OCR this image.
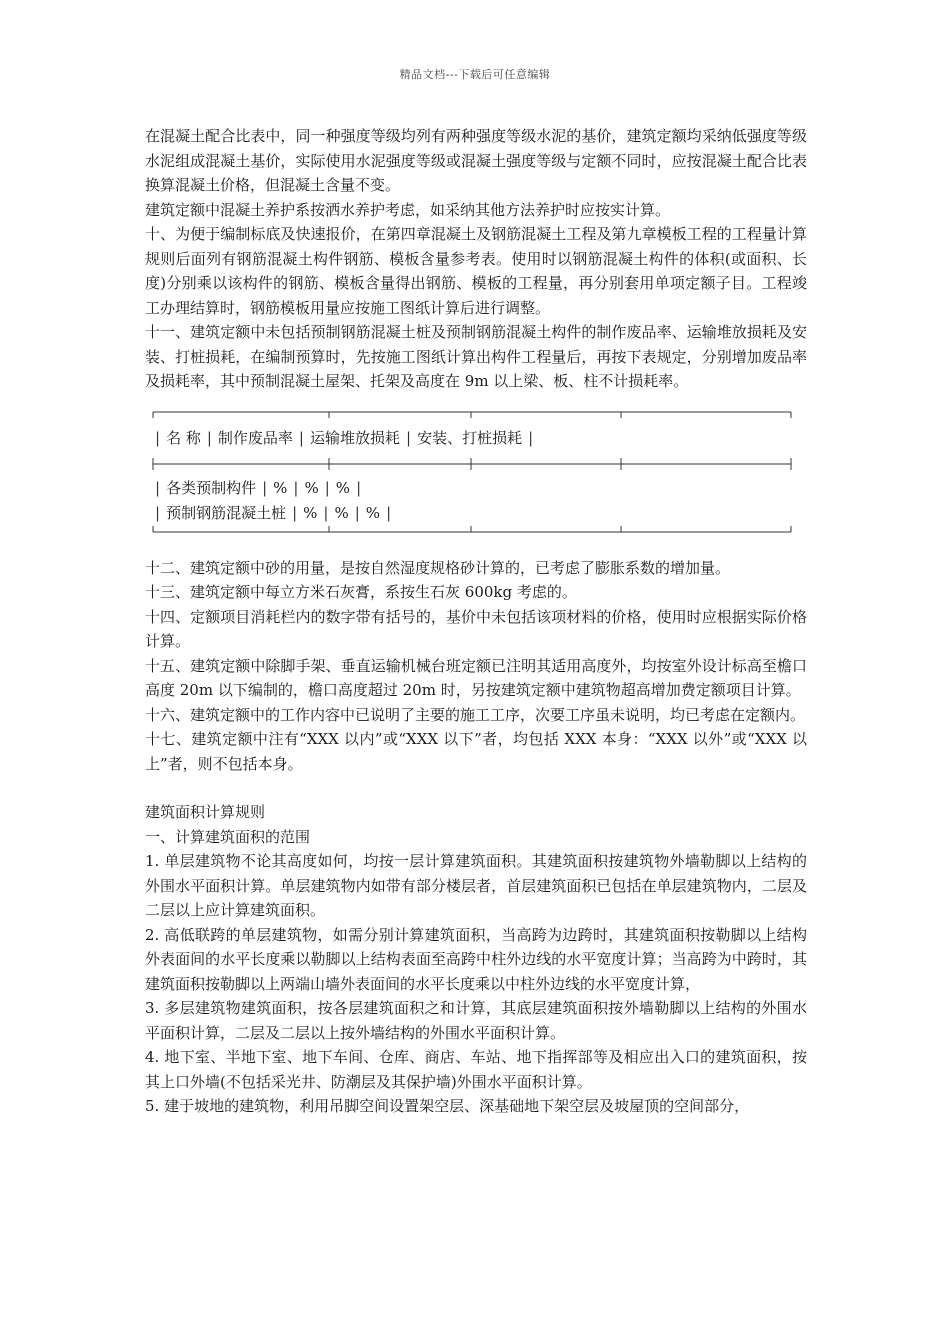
精品文档---下载后可任意编辑

在混凝土配合比表中，同一种强度等级均列有两种强度等级水泥的基价，建筑定额均采纳低强度等级水泥组成混凝土基价，实际使用水泥强度等级或混凝土强度等级与定额不同时，应按混凝土配合比表换算混凝土价格，但混凝土含量不变。

建筑定额中混凝土养护系按洒水养护考虑，如采纳其他方法养护时应按实计算。

十、为便于编制标底及快速报价，在第四章混凝土及钢筋混凝土工程及第九章模板工程的工程量计算规则后面列有钢筋混凝土构件钢筋、模板含量参考表。使用时以钢筋混凝土构件的体积(或面积、长度)分别乘以该构件的钢筋、模板含量得出钢筋、模板的工程量，再分别套用单项定额子目。工程竣工办理结算时，钢筋模板用量应按施工图纸计算后进行调整。

十一、建筑定额中未包括预制钢筋混凝土桩及预制钢筋混凝土构件的制作废品率、运输堆放损耗及安装、打桩损耗，在编制预算时，先按施工图纸计算出构件工程量后，再按下表规定，分别增加废品率及损耗率，其中预制混凝土屋架、托架及高度在 9m 以上梁、板、柱不计损耗率。

| 名 称 | 制作废品率 | 运输堆放损耗 | 安装、打桩损耗 |
| 各类预制构件 | % | % | % |
| 预制钢筋混凝土桩 | % | % | % |

十二、建筑定额中砂的用量，是按自然湿度规格砂计算的，已考虑了膨胀系数的增加量。

十三、建筑定额中每立方米石灰膏，系按生石灰 600kg 考虑的。

十四、定额项目消耗栏内的数字带有括号的，基价中未包括该项材料的价格，使用时应根据实际价格计算。

十五、建筑定额中除脚手架、垂直运输机械台班定额已注明其适用高度外，均按室外设计标高至檐口高度 20m 以下编制的，檐口高度超过 20m 时，另按建筑定额中建筑物超高增加费定额项目计算。

十六、建筑定额中的工作内容中已说明了主要的施工工序，次要工序虽未说明，均已考虑在定额内。

十七、建筑定额中注有“XXX 以内”或“XXX 以下”者，均包括 XXX 本身：“XXX 以外”或“XXX 以上”者，则不包括本身。

建筑面积计算规则

一、计算建筑面积的范围

1. 单层建筑物不论其高度如何，均按一层计算建筑面积。其建筑面积按建筑物外墙勒脚以上结构的外围水平面积计算。单层建筑物内如带有部分楼层者，首层建筑面积已包括在单层建筑物内，二层及二层以上应计算建筑面积。

2. 高低联跨的单层建筑物，如需分别计算建筑面积，当高跨为边跨时，其建筑面积按勒脚以上结构外表面间的水平长度乘以勒脚以上结构表面至高跨中柱外边线的水平宽度计算；当高跨为中跨时，其建筑面积按勒脚以上两端山墙外表面间的水平长度乘以中柱外边线的水平宽度计算，

3. 多层建筑物建筑面积，按各层建筑面积之和计算，其底层建筑面积按外墙勒脚以上结构的外围水平面积计算，二层及二层以上按外墙结构的外围水平面积计算。

4. 地下室、半地下室、地下车间、仓库、商店、车站、地下指挥部等及相应出入口的建筑面积，按其上口外墙(不包括采光井、防潮层及其保护墙)外围水平面积计算。

5. 建于坡地的建筑物，利用吊脚空间设置架空层、深基础地下架空层及坡屋顶的空间部分，
